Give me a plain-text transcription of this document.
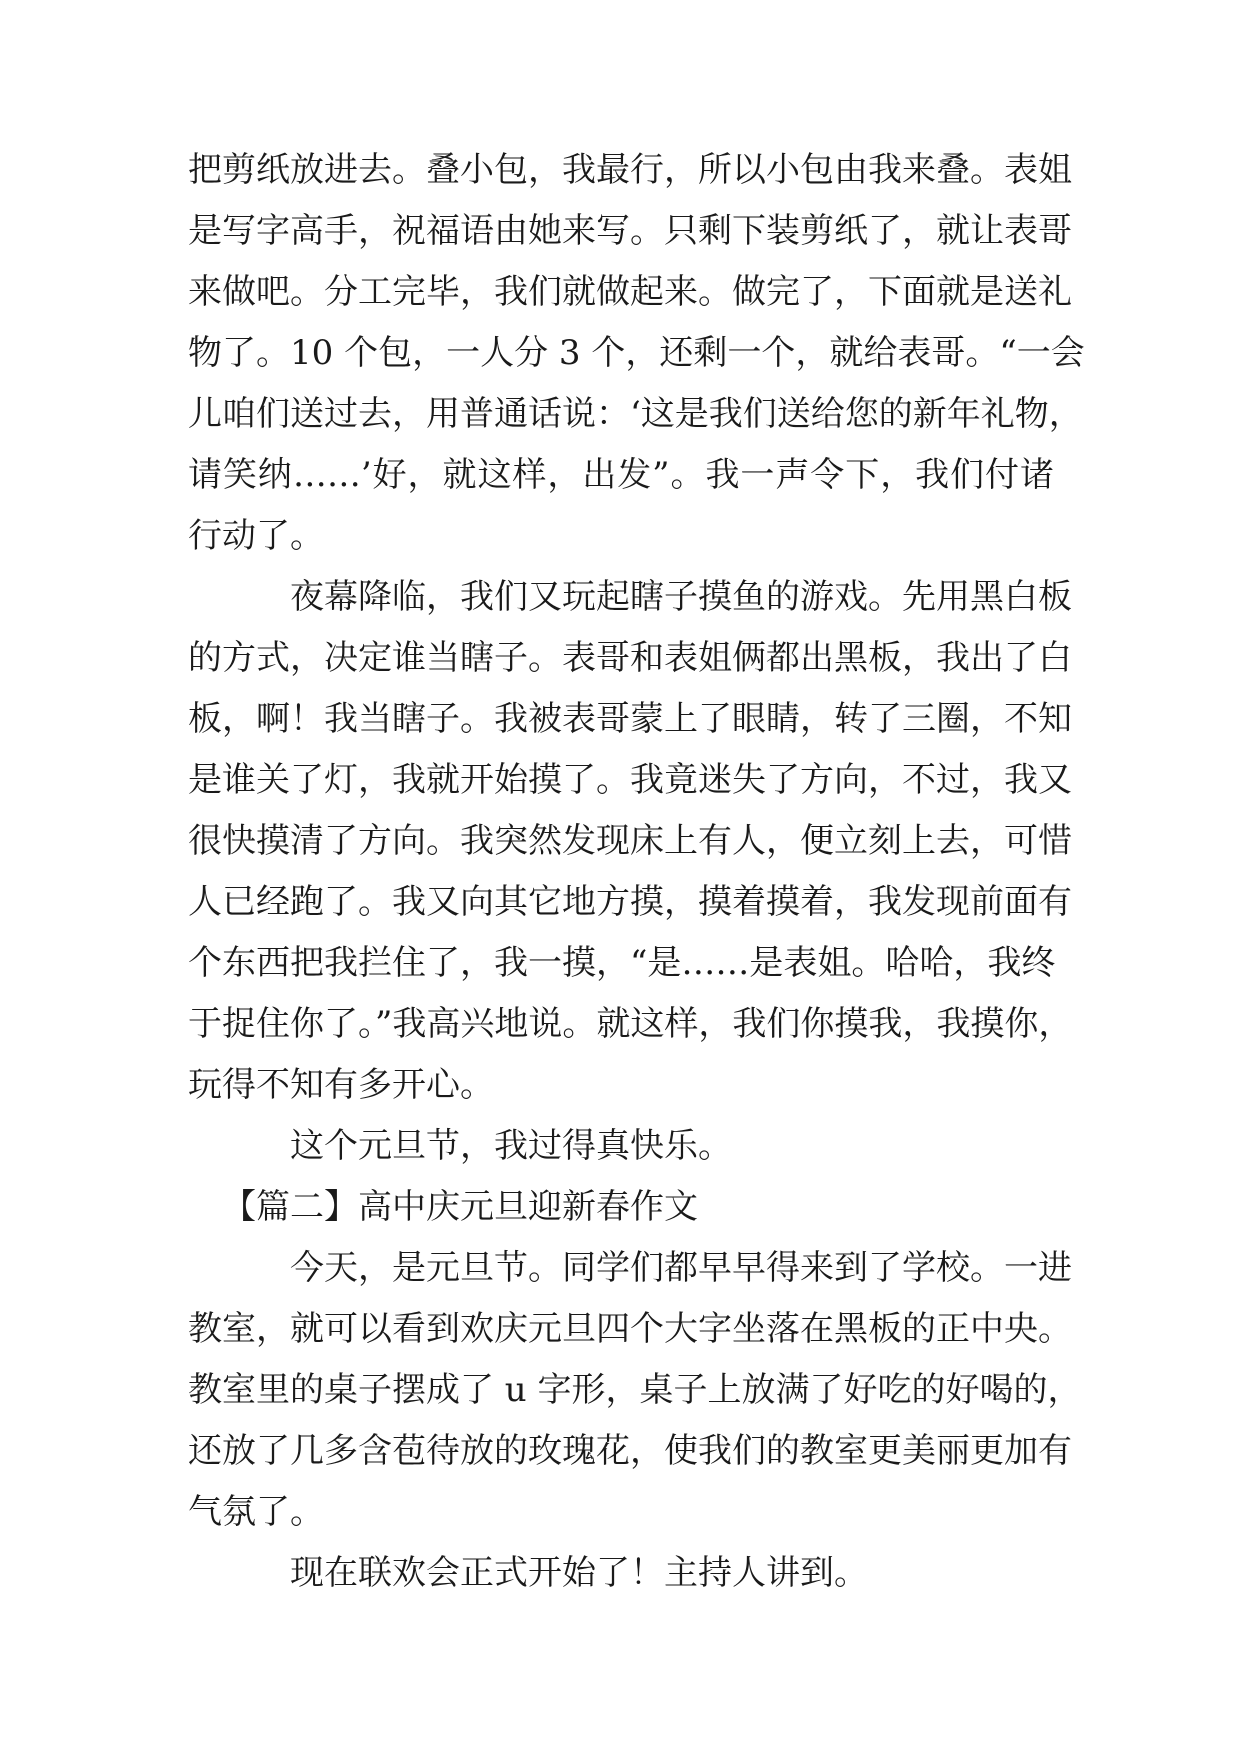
把剪纸放进去。叠小包，我最行，所以小包由我来叠。表姐
是写字高手，祝福语由她来写。只剩下装剪纸了，就让表哥
来做吧。分工完毕，我们就做起来。做完了，下面就是送礼
物了。10 个包，一人分 3 个，还剩一个，就给表哥。“一会
儿咱们送过去，用普通话说：‘这是我们送给您的新年礼物，
请笑纳……’好，就这样，出发”。我一声令下，我们付诸
行动了。
夜幕降临，我们又玩起瞎子摸鱼的游戏。先用黑白板
的方式，决定谁当瞎子。表哥和表姐俩都出黑板，我出了白
板，啊！我当瞎子。我被表哥蒙上了眼睛，转了三圈，不知
是谁关了灯，我就开始摸了。我竟迷失了方向，不过，我又
很快摸清了方向。我突然发现床上有人，便立刻上去，可惜
人已经跑了。我又向其它地方摸，摸着摸着，我发现前面有
个东西把我拦住了，我一摸，“是……是表姐。哈哈，我终
于捉住你了。”我高兴地说。就这样，我们你摸我，我摸你，
玩得不知有多开心。
这个元旦节，我过得真快乐。
【篇二】高中庆元旦迎新春作文
今天，是元旦节。同学们都早早得来到了学校。一进
教室，就可以看到欢庆元旦四个大字坐落在黑板的正中央。
教室里的桌子摆成了 u 字形，桌子上放满了好吃的好喝的，
还放了几多含苞待放的玫瑰花，使我们的教室更美丽更加有
气氛了。
现在联欢会正式开始了！主持人讲到。
